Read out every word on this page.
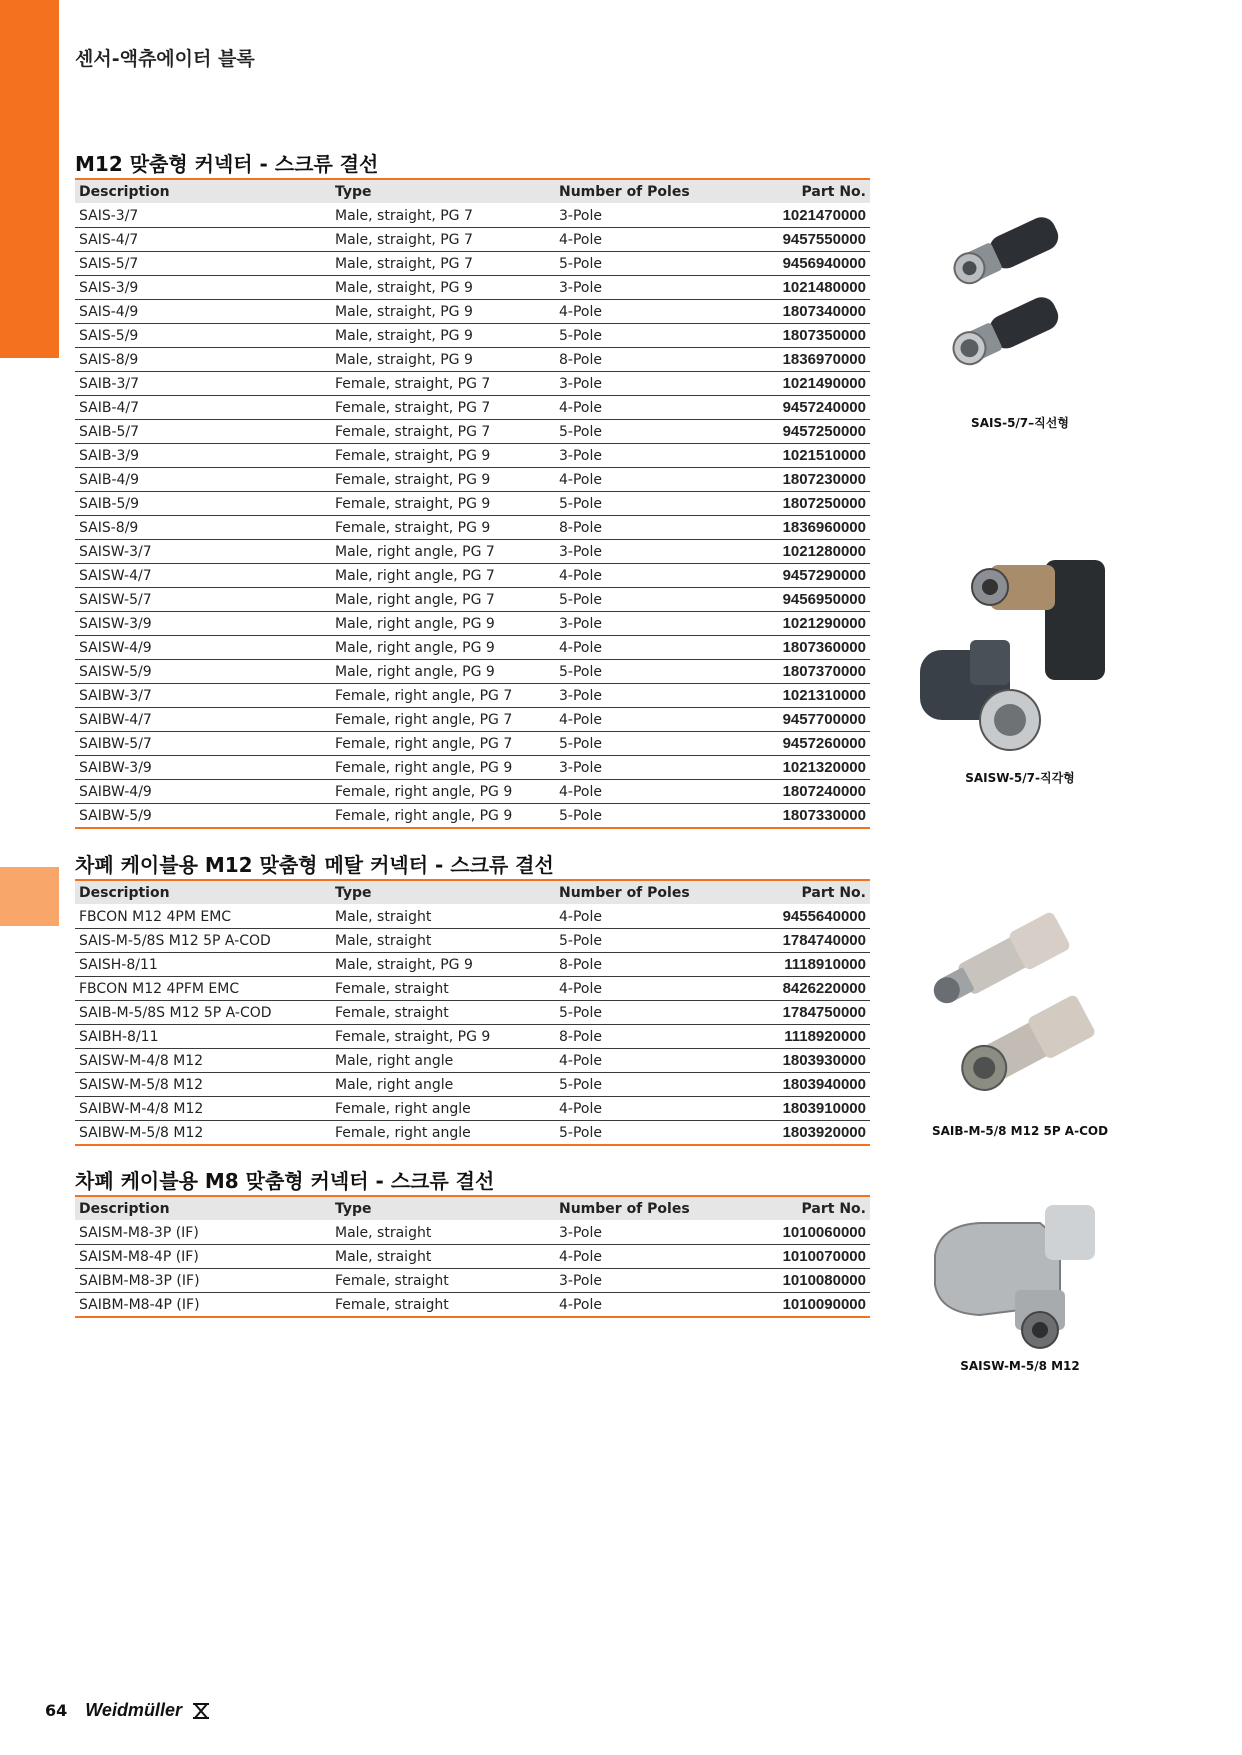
센서-액츄에이터 블록
M12 맞춤형 커넥터 - 스크류 결선
Description	Type	Number of Poles	Part No.
SAIS-3/7	Male, straight, PG 7	3-Pole	1021470000
SAIS-4/7	Male, straight, PG 7	4-Pole	9457550000
SAIS-5/7	Male, straight, PG 7	5-Pole	9456940000
SAIS-3/9	Male, straight, PG 9	3-Pole	1021480000
SAIS-4/9	Male, straight, PG 9	4-Pole	1807340000
SAIS-5/9	Male, straight, PG 9	5-Pole	1807350000
SAIS-8/9	Male, straight, PG 9	8-Pole	1836970000
SAIB-3/7	Female, straight, PG 7	3-Pole	1021490000
SAIB-4/7	Female, straight, PG 7	4-Pole	9457240000
SAIB-5/7	Female, straight, PG 7	5-Pole	9457250000
SAIB-3/9	Female, straight, PG 9	3-Pole	1021510000
SAIB-4/9	Female, straight, PG 9	4-Pole	1807230000
SAIB-5/9	Female, straight, PG 9	5-Pole	1807250000
SAIS-8/9	Female, straight, PG 9	8-Pole	1836960000
SAISW-3/7	Male, right angle, PG 7	3-Pole	1021280000
SAISW-4/7	Male, right angle, PG 7	4-Pole	9457290000
SAISW-5/7	Male, right angle, PG 7	5-Pole	9456950000
SAISW-3/9	Male, right angle, PG 9	3-Pole	1021290000
SAISW-4/9	Male, right angle, PG 9	4-Pole	1807360000
SAISW-5/9	Male, right angle, PG 9	5-Pole	1807370000
SAIBW-3/7	Female, right angle, PG 7	3-Pole	1021310000
SAIBW-4/7	Female, right angle, PG 7	4-Pole	9457700000
SAIBW-5/7	Female, right angle, PG 7	5-Pole	9457260000
SAIBW-3/9	Female, right angle, PG 9	3-Pole	1021320000
SAIBW-4/9	Female, right angle, PG 9	4-Pole	1807240000
SAIBW-5/9	Female, right angle, PG 9	5-Pole	1807330000
차폐 케이블용 M12 맞춤형 메탈 커넥터 - 스크류 결선
Description	Type	Number of Poles	Part No.
FBCON M12 4PM EMC	Male, straight	4-Pole	9455640000
SAIS-M-5/8S M12 5P A-COD	Male, straight	5-Pole	1784740000
SAISH-8/11	Male, straight, PG 9	8-Pole	1118910000
FBCON M12 4PFM EMC	Female, straight	4-Pole	8426220000
SAIB-M-5/8S M12 5P A-COD	Female, straight	5-Pole	1784750000
SAIBH-8/11	Female, straight, PG 9	8-Pole	1118920000
SAISW-M-4/8 M12	Male, right angle	4-Pole	1803930000
SAISW-M-5/8 M12	Male, right angle	5-Pole	1803940000
SAIBW-M-4/8 M12	Female, right angle	4-Pole	1803910000
SAIBW-M-5/8 M12	Female, right angle	5-Pole	1803920000
차폐 케이블용 M8 맞춤형 커넥터 - 스크류 결선
Description	Type	Number of Poles	Part No.
SAISM-M8-3P (IF)	Male, straight	3-Pole	1010060000
SAISM-M8-4P (IF)	Male, straight	4-Pole	1010070000
SAIBM-M8-3P (IF)	Female, straight	3-Pole	1010080000
SAIBM-M8-4P (IF)	Female, straight	4-Pole	1010090000
SAIS-5/7–직선형
SAISW-5/7-직각형
SAIB-M-5/8 M12 5P A-COD
SAISW-M-5/8 M12
64 Weidmüller
